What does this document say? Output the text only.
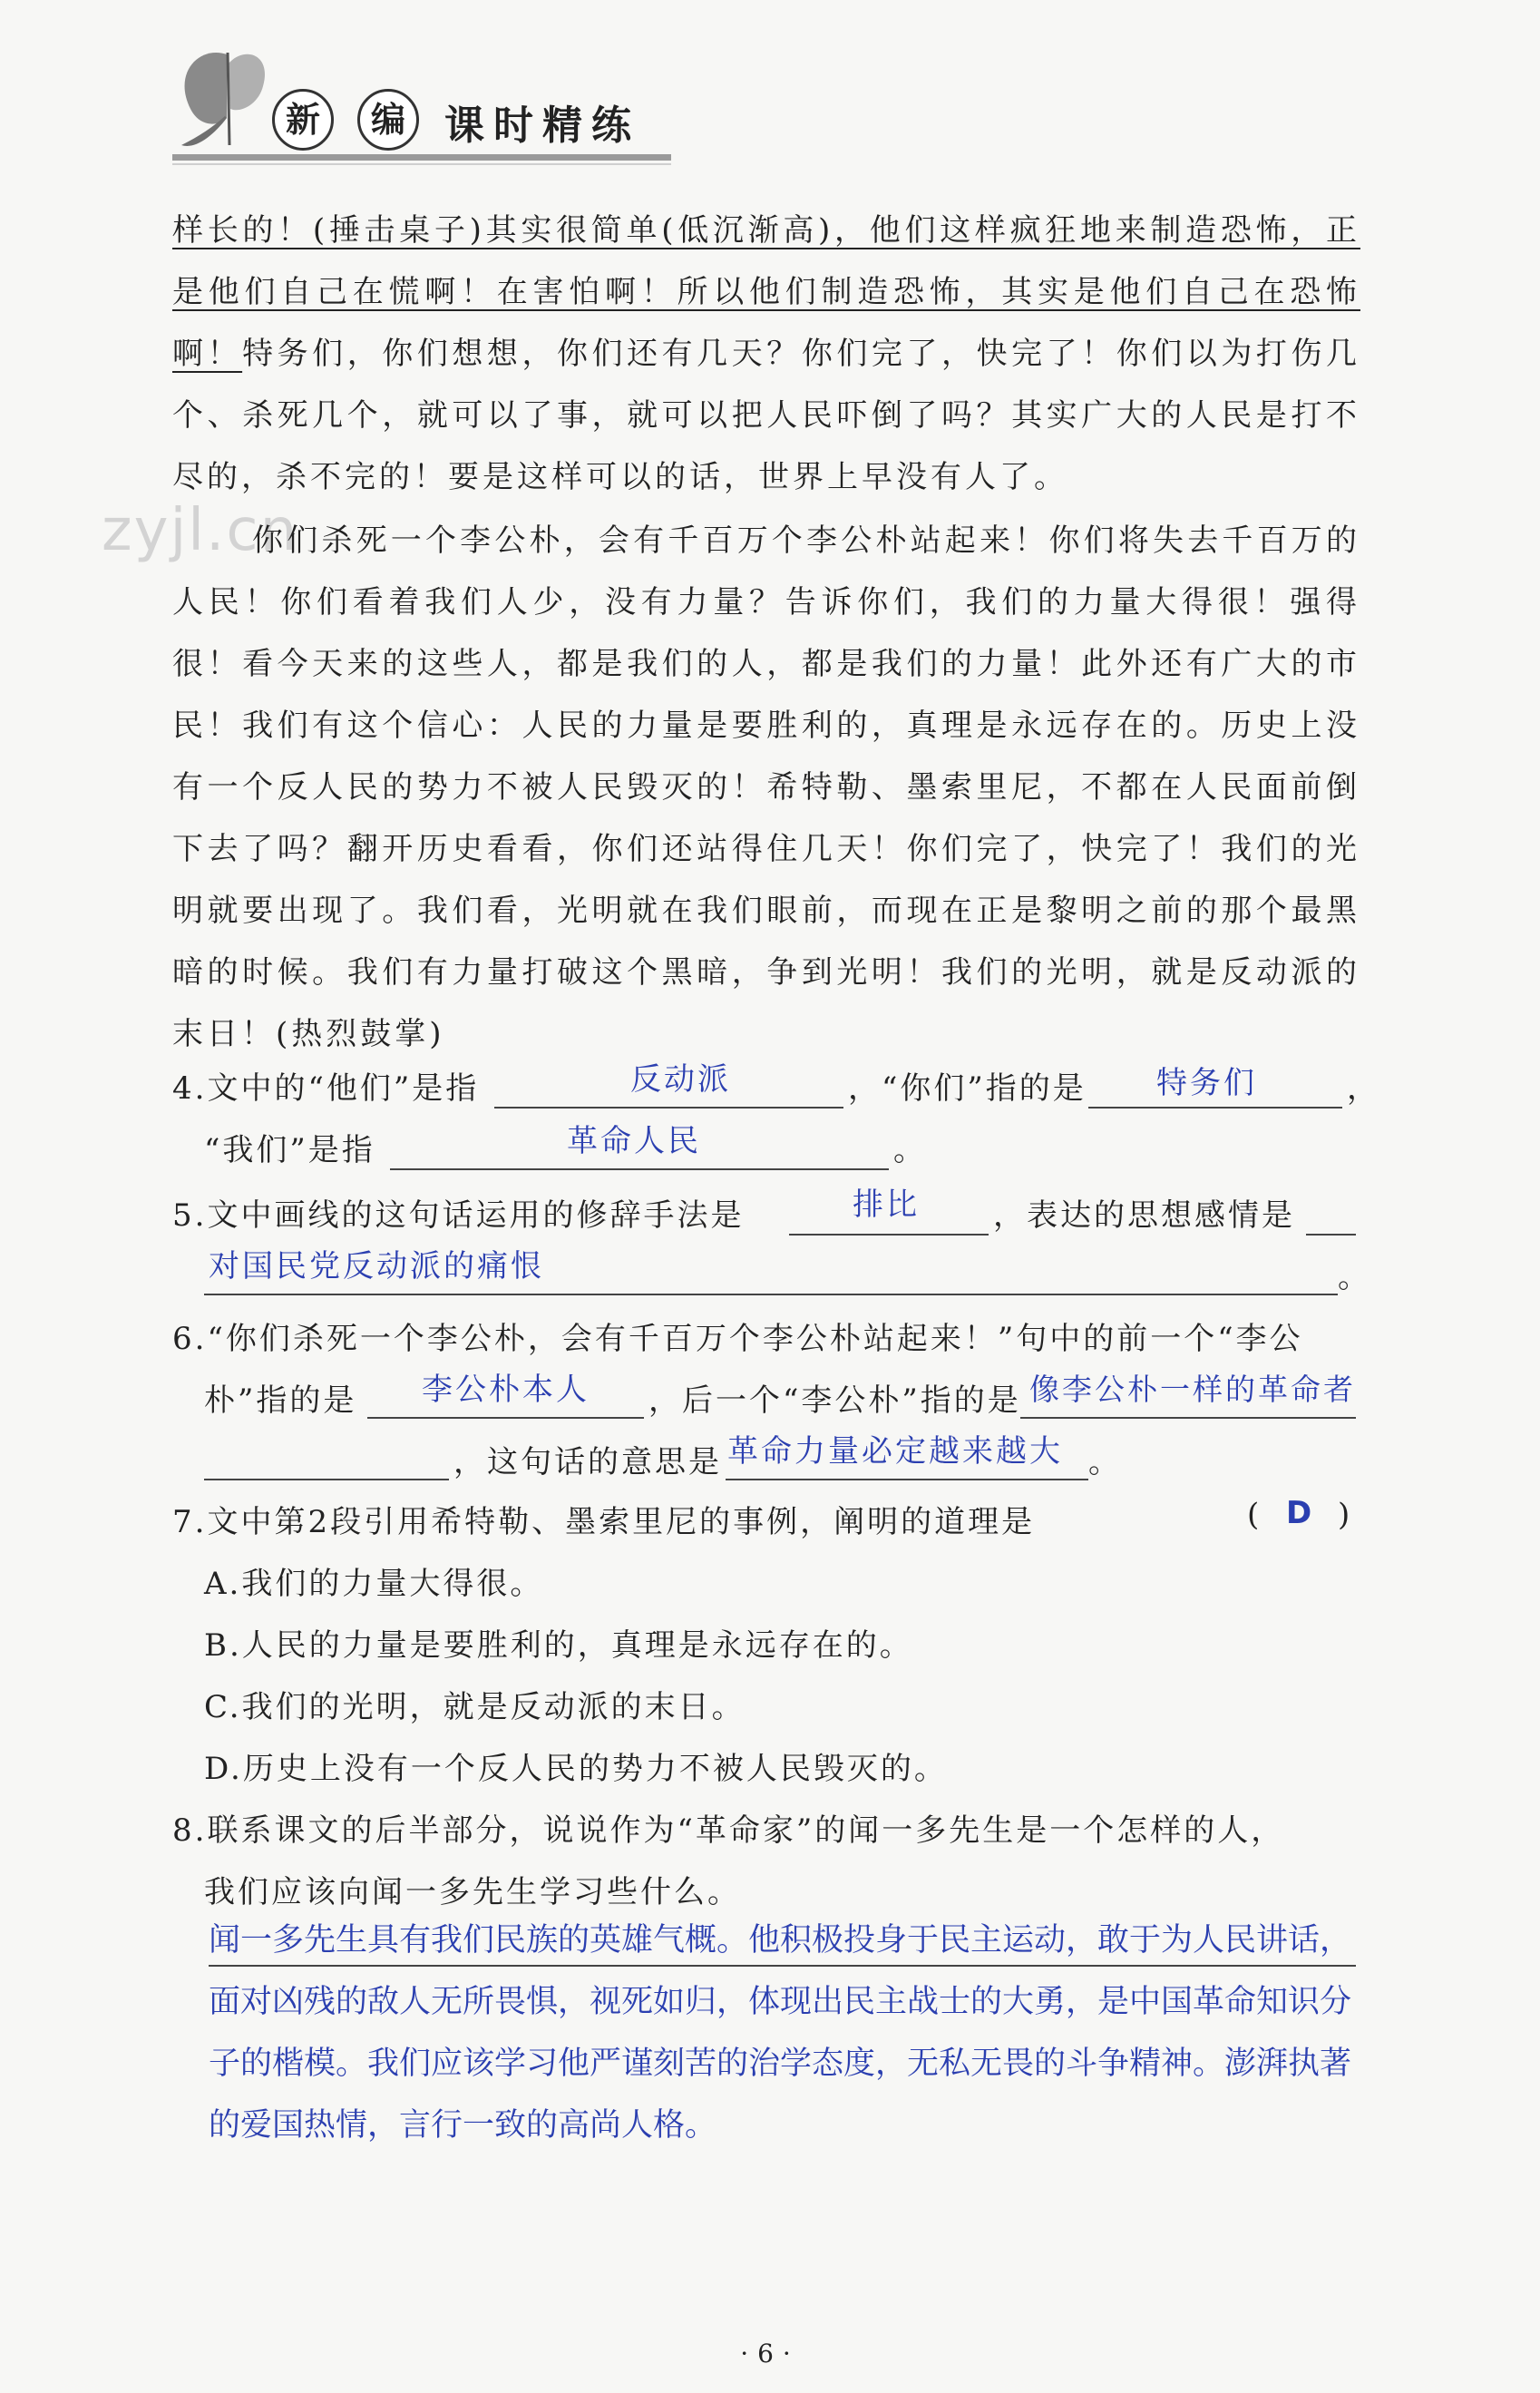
新	编 课时精练
zyjl.cn
样长的！(捶击桌子)其实很简单(低沉渐高)，他们这样疯狂地来制造恐怖，正是他们自己在慌啊！在害怕啊！所以他们制造恐怖，其实是他们自己在恐怖啊！特务们，你们想想，你们还有几天？你们完了，快完了！你们以为打伤几个、杀死几个，就可以了事，就可以把人民吓倒了吗？其实广大的人民是打不尽的，杀不完的！要是这样可以的话，世界上早没有人了。
你们杀死一个李公朴，会有千百万个李公朴站起来！你们将失去千百万的人民！你们看着我们人少，没有力量？告诉你们，我们的力量大得很！强得很！看今天来的这些人，都是我们的人，都是我们的力量！此外还有广大的市民！我们有这个信心：人民的力量是要胜利的，真理是永远存在的。历史上没有一个反人民的势力不被人民毁灭的！希特勒、墨索里尼，不都在人民面前倒下去了吗？翻开历史看看，你们还站得住几天！你们完了，快完了！我们的光明就要出现了。我们看，光明就在我们眼前，而现在正是黎明之前的那个最黑暗的时候。我们有力量打破这个黑暗，争到光明！我们的光明，就是反动派的末日！(热烈鼓掌)
4.文中的“他们”是指	反动派	，“你们”指的是 特务们	，
“我们”是指	革命人民	。
5.文中画线的这句话运用的修辞手法是	排比 ，表达的思想感情是
对国民党反动派的痛恨	。
6.“你们杀死一个李公朴，会有千百万个李公朴站起来！”句中的前一个“李公
朴”指的是 李公朴本人 ，后一个“李公朴”指的是 像李公朴一样的革命者
，这句话的意思是 革命力量必定越来越大 。
7.文中第2段引用希特勒、墨索里尼的事例，阐明的道理是	( D )
A.我们的力量大得很。
B.人民的力量是要胜利的，真理是永远存在的。
C.我们的光明，就是反动派的末日。
D.历史上没有一个反人民的势力不被人民毁灭的。
8.联系课文的后半部分，说说作为“革命家”的闻一多先生是一个怎样的人，
我们应该向闻一多先生学习些什么。
闻一多先生具有我们民族的英雄气概。他积极投身于民主运动，敢于为人民讲话，面对凶残的敌人无所畏惧，视死如归，体现出民主战士的大勇，是中国革命知识分子的楷模。我们应该学习他严谨刻苦的治学态度，无私无畏的斗争精神。澎湃执著的爱国热情，言行一致的高尚人格。
·6·
